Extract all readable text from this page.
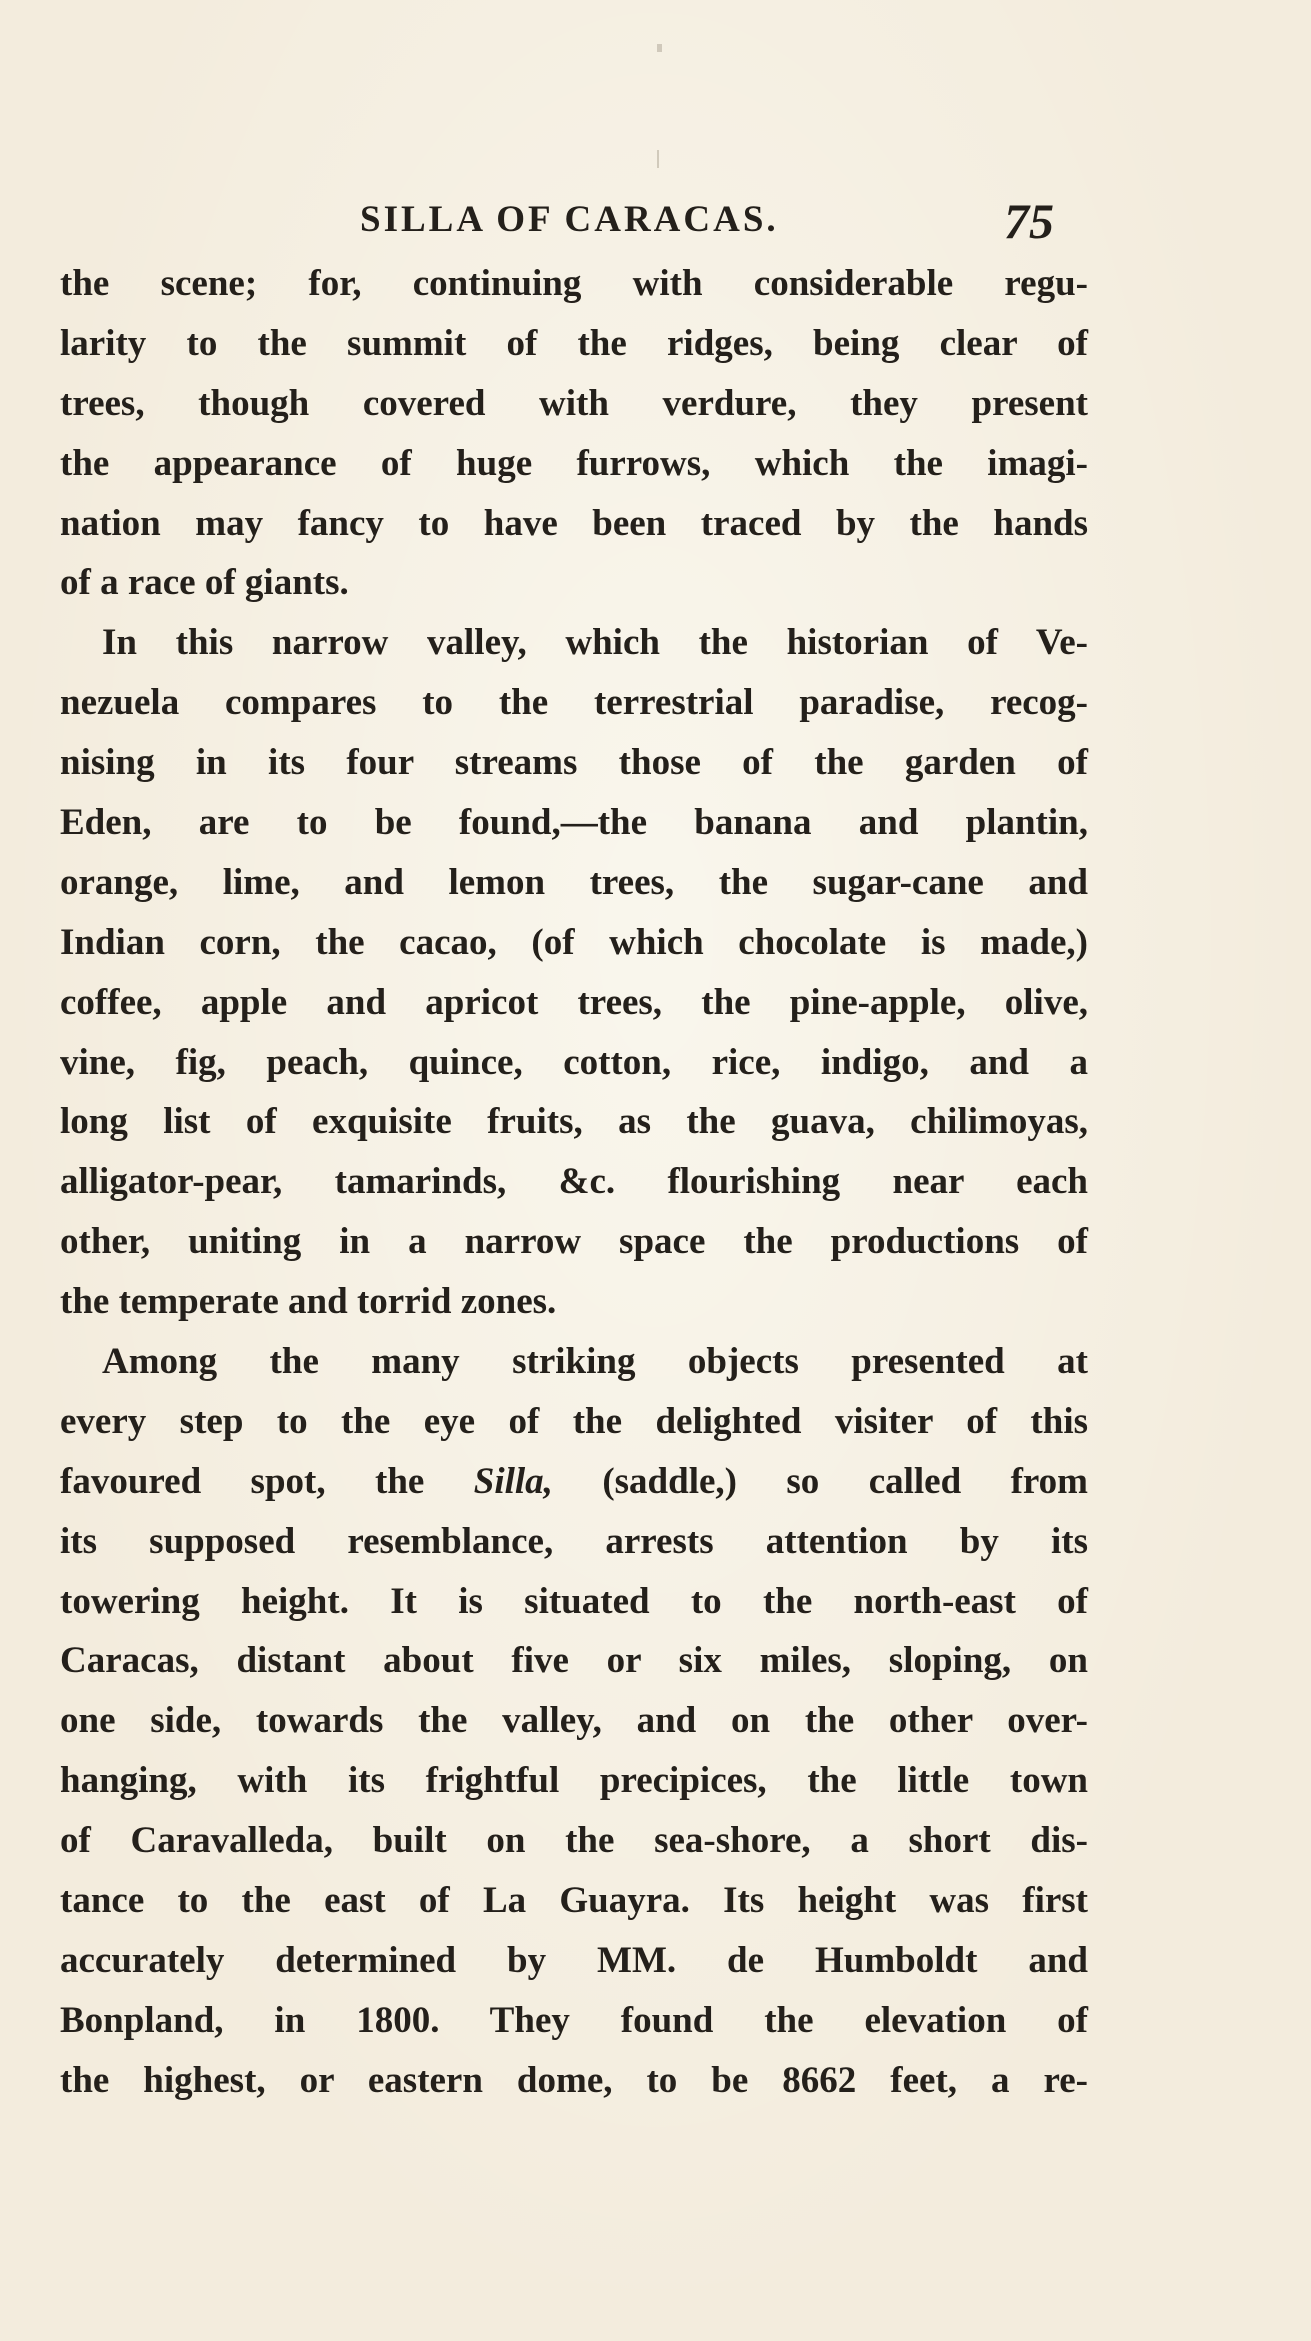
SILLA OF CARACAS.	75
the scene; for, continuing with considerable regu-
larity to the summit of the ridges, being clear of
trees, though covered with verdure, they present
the appearance of huge furrows, which the imagi-
nation may fancy to have been traced by the hands
of a race of giants.
In this narrow valley, which the historian of Ve-
nezuela compares to the terrestrial paradise, recog-
nising in its four streams those of the garden of
Eden, are to be found,—the banana and plantin,
orange, lime, and lemon trees, the sugar-cane and
Indian corn, the cacao, (of which chocolate is made,)
coffee, apple and apricot trees, the pine-apple, olive,
vine, fig, peach, quince, cotton, rice, indigo, and a
long list of exquisite fruits, as the guava, chilimoyas,
alligator-pear, tamarinds, &c. flourishing near each
other, uniting in a narrow space the productions of
the temperate and torrid zones.
Among the many striking objects presented at
every step to the eye of the delighted visiter of this
favoured spot, the Silla, (saddle,) so called from
its supposed resemblance, arrests attention by its
towering height. It is situated to the north-east of
Caracas, distant about five or six miles, sloping, on
one side, towards the valley, and on the other over-
hanging, with its frightful precipices, the little town
of Caravalleda, built on the sea-shore, a short dis-
tance to the east of La Guayra. Its height was first
accurately determined by MM. de Humboldt and
Bonpland, in 1800. They found the elevation of
the highest, or eastern dome, to be 8662 feet, a re-
